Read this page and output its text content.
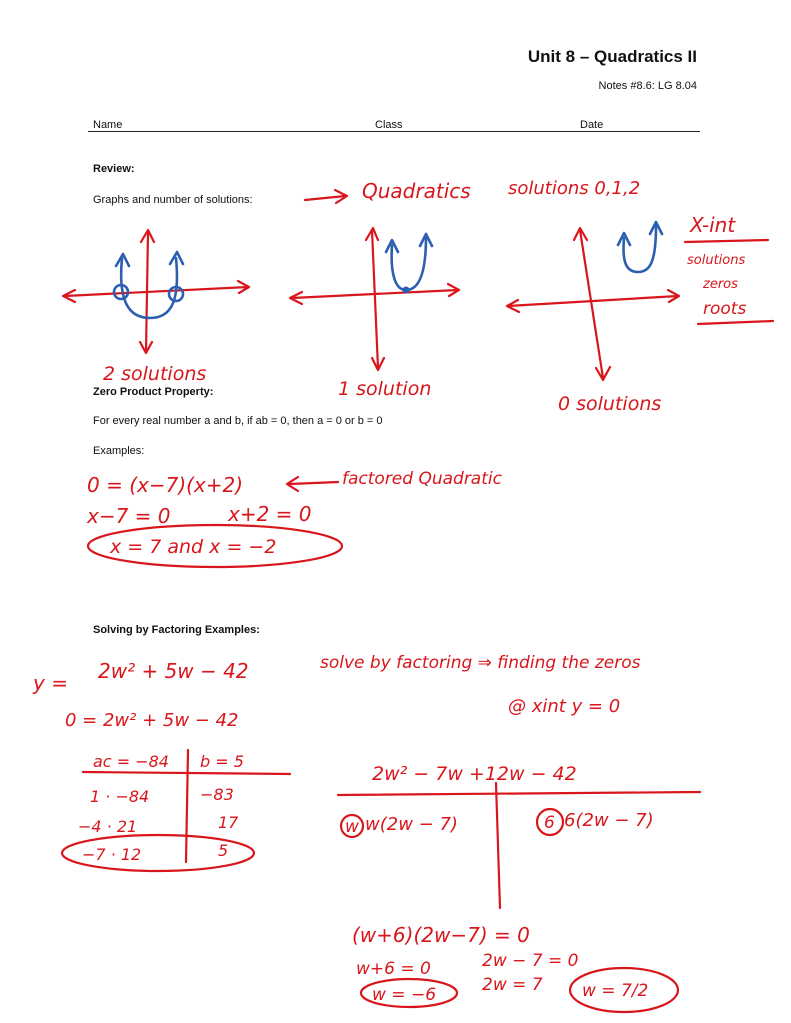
Unit 8 – Quadratics II
Notes #8.6: LG 8.04
Name	Class	Date
Review:
Graphs and number of solutions:
Zero Product Property:
For every real number a and b, if ab = 0, then a = 0 or b = 0
Examples:
Solving by Factoring Examples:
Quadratics solutions 0,1,2
X-int
solutions
zeros
roots
2 solutions
1 solution
0 solutions
0 = (x−7)(x+2)	factored Quadratic
x−7 = 0	x+2 = 0
x = 7 and x = −2
y = 2w² + 5w − 42	solve by factoring ⇒ finding the zeros
@ xint y = 0
0 = 2w² + 5w − 42
ac = −84 b = 5
1 · −84	−83
−4 · 21	17
−7 · 12	5
2w² − 7w +12w − 42
w w(2w − 7)	6 6(2w − 7)
(w+6)(2w−7) = 0
w+6 = 0	2w − 7 = 0
2w = 7
w = −6	w = 7/2
